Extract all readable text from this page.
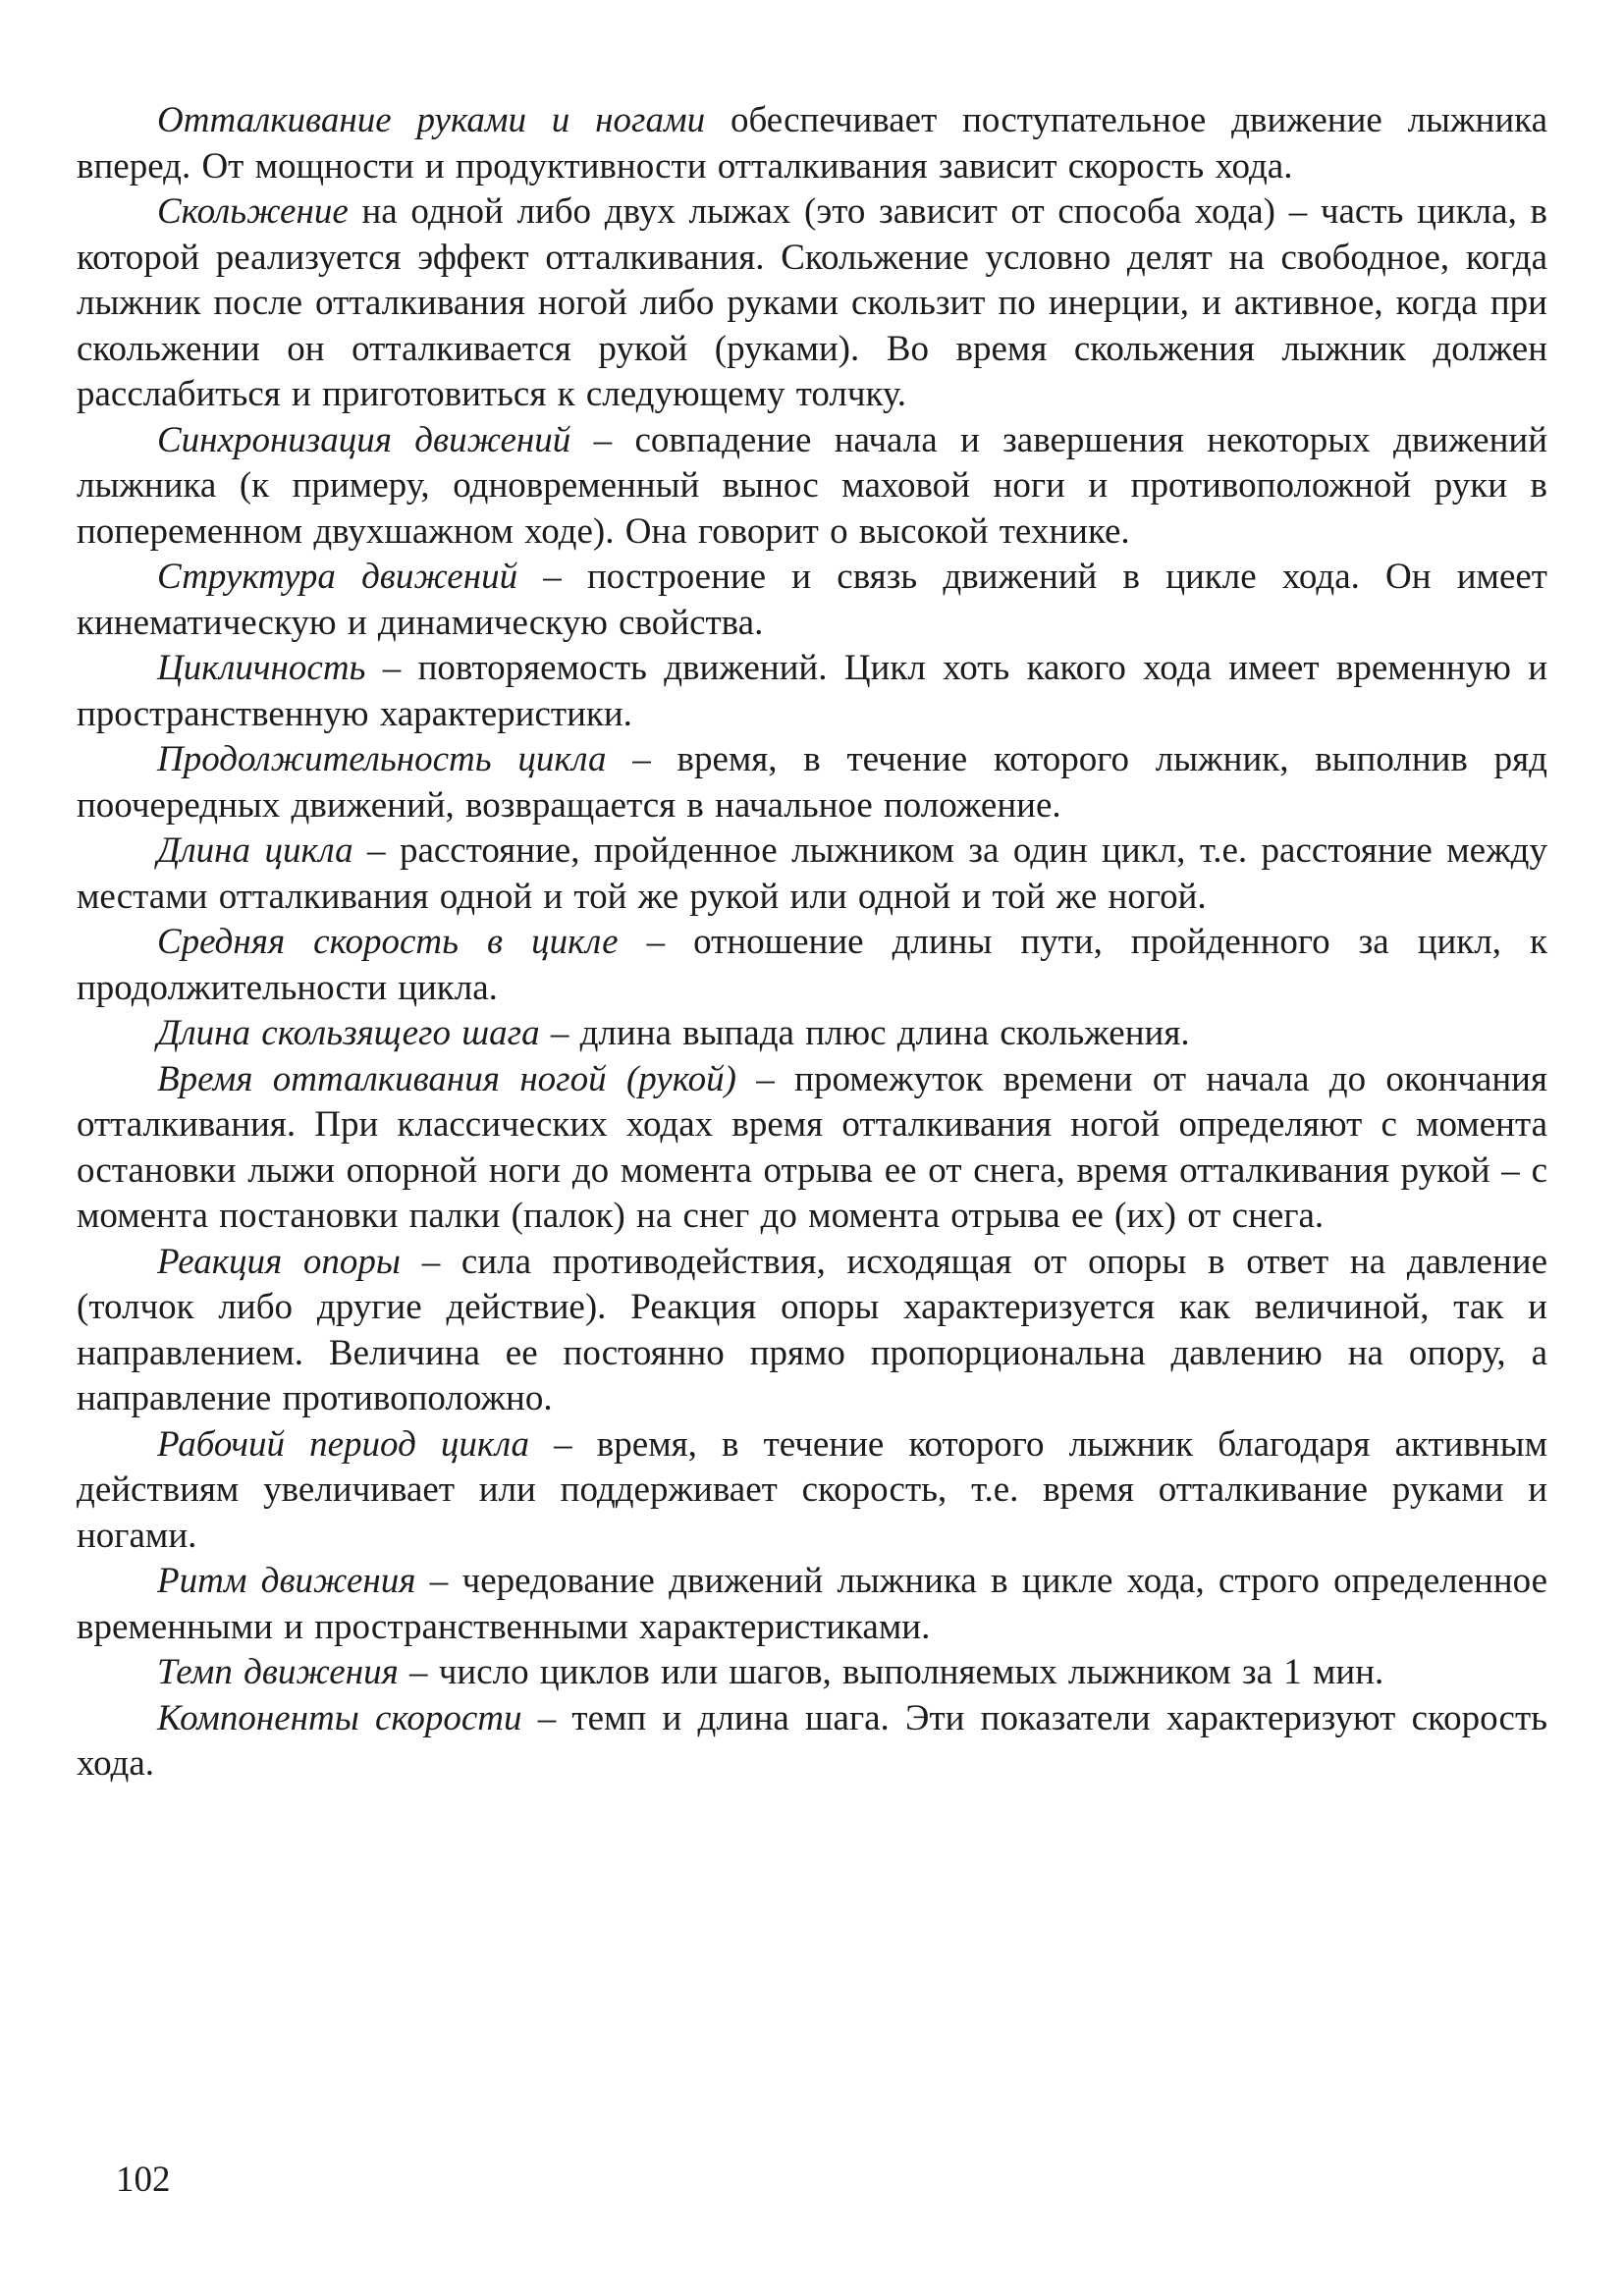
Отталкивание руками и ногами обеспечивает поступательное движение лыжника вперед. От мощности и продуктивности отталкивания зависит скорость хода.

Скольжение на одной либо двух лыжах (это зависит от способа хода) – часть цикла, в которой реализуется эффект отталкивания. Скольжение условно делят на свободное, когда лыжник после отталкивания ногой либо руками скользит по инерции, и активное, когда при скольжении он отталкивается рукой (руками). Во время скольжения лыжник должен расслабиться и приготовиться к следующему толчку.

Синхронизация движений – совпадение начала и завершения некоторых движений лыжника (к примеру, одновременный вынос маховой ноги и противоположной руки в попеременном двухшажном ходе). Она говорит о высокой технике.

Структура движений – построение и связь движений в цикле хода. Он имеет кинематическую и динамическую свойства.

Цикличность – повторяемость движений. Цикл хоть какого хода имеет временную и пространственную характеристики.

Продолжительность цикла – время, в течение которого лыжник, выполнив ряд поочередных движений, возвращается в начальное положение.

Длина цикла – расстояние, пройденное лыжником за один цикл, т.е. расстояние между местами отталкивания одной и той же рукой или одной и той же ногой.

Средняя скорость в цикле – отношение длины пути, пройденного за цикл, к продолжительности цикла.

Длина скользящего шага – длина выпада плюс длина скольжения.

Время отталкивания ногой (рукой) – промежуток времени от начала до окончания отталкивания. При классических ходах время отталкивания ногой определяют с момента остановки лыжи опорной ноги до момента отрыва ее от снега, время отталкивания рукой – с момента постановки палки (палок) на снег до момента отрыва ее (их) от снега.

Реакция опоры – сила противодействия, исходящая от опоры в ответ на давление (толчок либо другие действие). Реакция опоры характеризуется как величиной, так и направлением. Величина ее постоянно прямо пропорциональна давлению на опору, а направление противоположно.

Рабочий период цикла – время, в течение которого лыжник благодаря активным действиям увеличивает или поддерживает скорость, т.е. время отталкивание руками и ногами.

Ритм движения – чередование движений лыжника в цикле хода, строго определенное временными и пространственными характеристиками.

Темп движения – число циклов или шагов, выполняемых лыжником за 1 мин.

Компоненты скорости – темп и длина шага. Эти показатели характеризуют скорость хода.

102
